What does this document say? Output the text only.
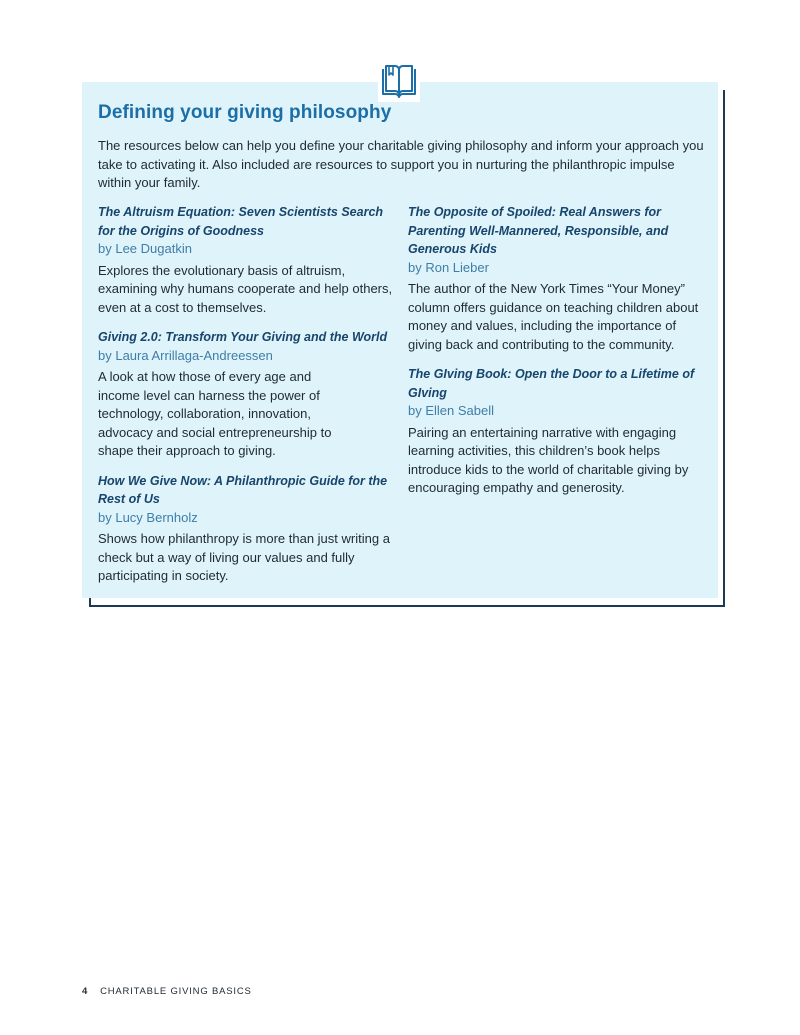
Defining your giving philosophy

The resources below can help you define your charitable giving philosophy and inform your approach you take to activating it. Also included are resources to support you in nurturing the philanthropic impulse within your family.

The Altruism Equation: Seven Scientists Search for the Origins of Goodness

by Lee Dugatkin

Explores the evolutionary basis of altruism, examining why humans cooperate and help others, even at a cost to themselves.

Giving 2.0: Transform Your Giving and the World

by Laura Arrillaga-Andreessen

A look at how those of every age and income level can harness the power of technology, collaboration, innovation, advocacy and social entrepreneurship to shape their approach to giving.

How We Give Now: A Philanthropic Guide for the Rest of Us

by Lucy Bernholz

Shows how philanthropy is more than just writing a check but a way of living our values and fully participating in society.

The Opposite of Spoiled: Real Answers for Parenting Well-Mannered, Responsible, and Generous Kids

by Ron Lieber

The author of the New York Times “Your Money” column offers guidance on teaching children about money and values, including the importance of giving back and contributing to the community.

The GIving Book: Open the Door to a Lifetime of GIving

by Ellen Sabell

Pairing an entertaining narrative with engaging learning activities, this children’s book helps introduce kids to the world of charitable giving by encouraging empathy and generosity.

4 CHARITABLE GIVING BASICS
